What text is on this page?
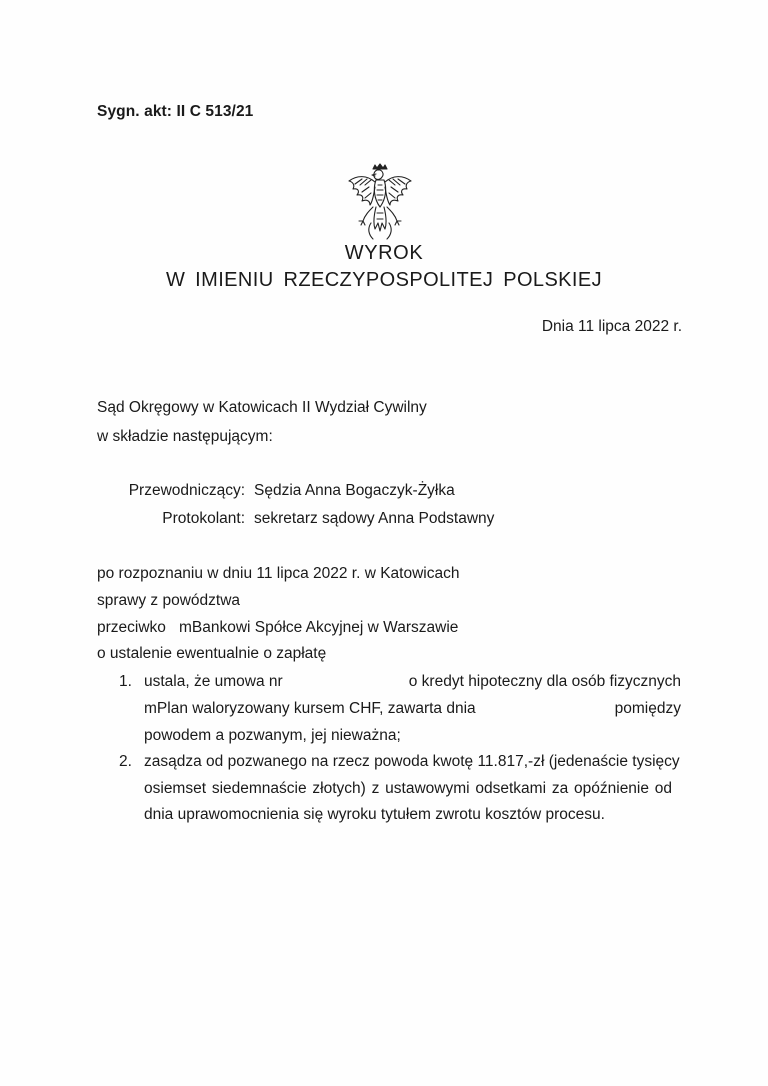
Sygn. akt: II C 513/21
WYROK
W IMIENIU RZECZYPOSPOLITEJ POLSKIEJ
Dnia 11 lipca 2022 r.
Sąd Okręgowy w Katowicach II Wydział Cywilny
w składzie następującym:
Przewodniczący: Sędzia Anna Bogaczyk-Żyłka
Protokolant: sekretarz sądowy Anna Podstawny
po rozpoznaniu w dniu 11 lipca 2022 r. w Katowicach
sprawy z powództwa
przeciwko mBankowi Spółce Akcyjnej w Warszawie
o ustalenie ewentualnie o zapłatę
1. ustala, że umowa nr	o kredyt hipoteczny dla osób fizycznych
mPlan waloryzowany kursem CHF, zawarta dnia	pomiędzy
powodem a pozwanym, jej nieważna;
2. zasądza od pozwanego na rzecz powoda kwotę 11.817,-zł (jedenaście tysięcy
osiemset siedemnaście złotych) z ustawowymi odsetkami za opóźnienie od
dnia uprawomocnienia się wyroku tytułem zwrotu kosztów procesu.
